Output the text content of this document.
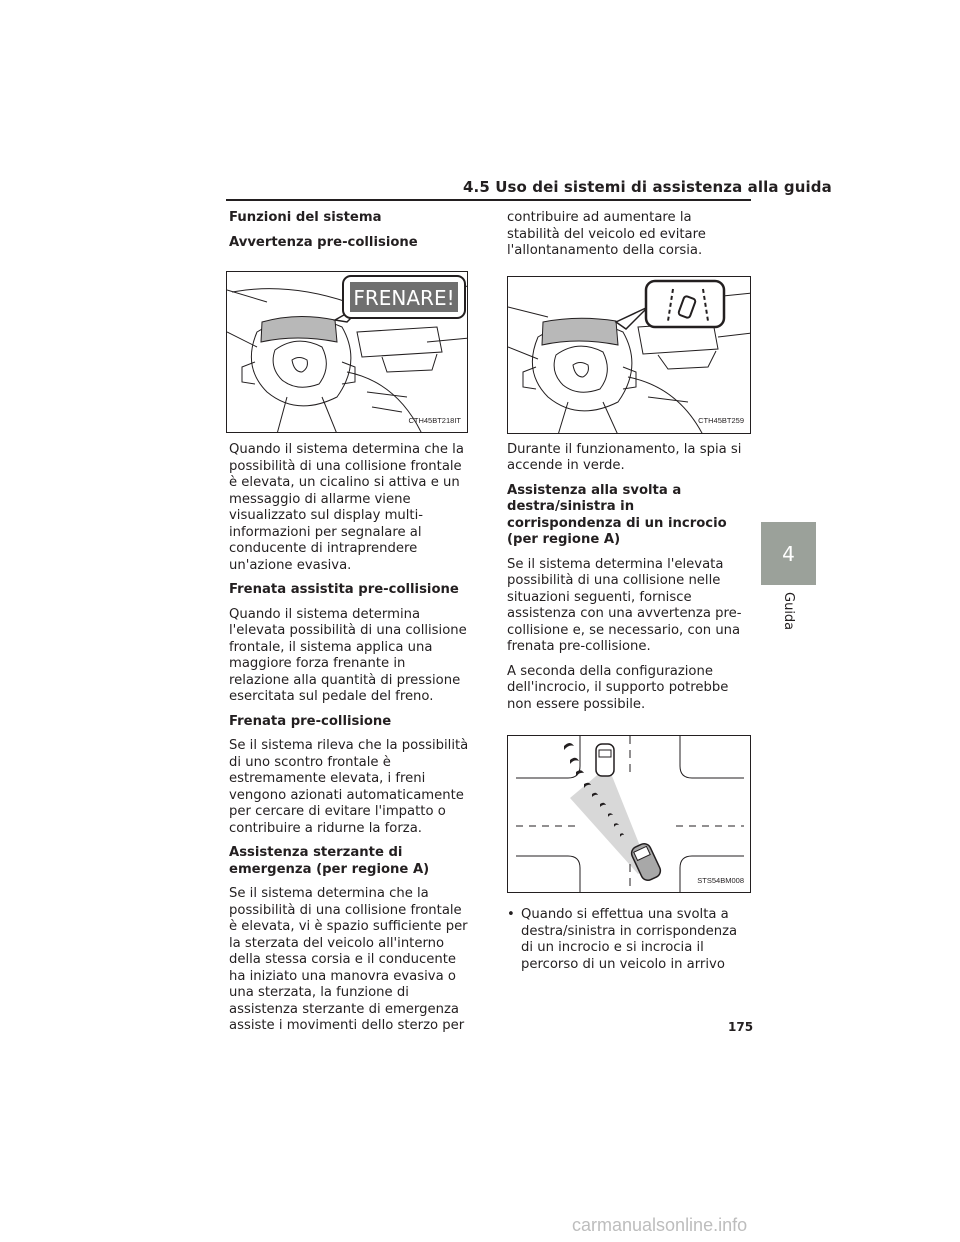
4.5 Uso dei sistemi di assistenza alla guida
Funzioni del sistema
Avvertenza pre-collisione
FRENARE!
CTH45BT218IT
Quando il sistema determina che la possibilità di una collisione frontale è elevata, un cicalino si attiva e un messaggio di allarme viene visualizzato sul display multi-informazioni per segnalare al conducente di intraprendere un'azione evasiva.
Frenata assistita pre-collisione
Quando il sistema determina l'elevata possibilità di una collisione frontale, il sistema applica una maggiore forza frenante in relazione alla quantità di pressione esercitata sul pedale del freno.
Frenata pre-collisione
Se il sistema rileva che la possibilità di uno scontro frontale è estremamente elevata, i freni vengono azionati automaticamente per cercare di evitare l'impatto o contribuire a ridurne la forza.
Assistenza sterzante di emergenza (per regione A)
Se il sistema determina che la possibilità di una collisione frontale è elevata, vi è spazio sufficiente per la sterzata del veicolo all'interno della stessa corsia e il conducente ha iniziato una manovra evasiva o una sterzata, la funzione di assistenza sterzante di emergenza assiste i movimenti dello sterzo per
contribuire ad aumentare la stabilità del veicolo ed evitare l'allontanamento della corsia.
CTH45BT259
Durante il funzionamento, la spia si accende in verde.
Assistenza alla svolta a destra/sinistra in corrispondenza di un incrocio (per regione A)
Se il sistema determina l'elevata possibilità di una collisione nelle situazioni seguenti, fornisce assistenza con una avvertenza pre-collisione e, se necessario, con una frenata pre-collisione.
A seconda della configurazione dell'incrocio, il supporto potrebbe non essere possibile.
STS54BM008
• Quando si effettua una svolta a destra/sinistra in corrispondenza di un incrocio e si incrocia il percorso di un veicolo in arrivo
4
Guida
175
carmanualsonline.info
